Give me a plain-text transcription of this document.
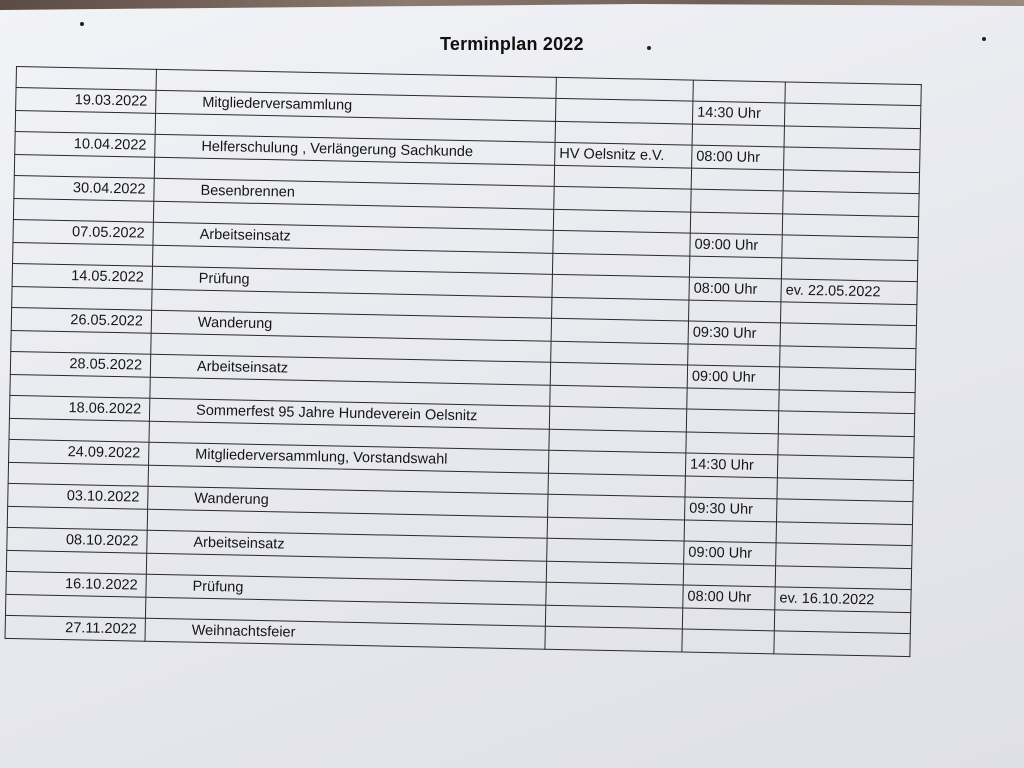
Terminplan 2022

19.03.2022	Mitgliederversammlung		14:30 Uhr	

10.04.2022	Helferschulung , Verlängerung Sachkunde	HV Oelsnitz e.V.	08:00 Uhr	

30.04.2022	Besenbrennen			

07.05.2022	Arbeitseinsatz		09:00 Uhr	

14.05.2022	Prüfung		08:00 Uhr	ev. 22.05.2022

26.05.2022	Wanderung		09:30 Uhr	

28.05.2022	Arbeitseinsatz		09:00 Uhr	

18.06.2022	Sommerfest 95 Jahre Hundeverein Oelsnitz			

24.09.2022	Mitgliederversammlung, Vorstandswahl		14:30 Uhr	

03.10.2022	Wanderung		09:30 Uhr	

08.10.2022	Arbeitseinsatz		09:00 Uhr	

16.10.2022	Prüfung		08:00 Uhr	ev. 16.10.2022

27.11.2022	Weihnachtsfeier			
